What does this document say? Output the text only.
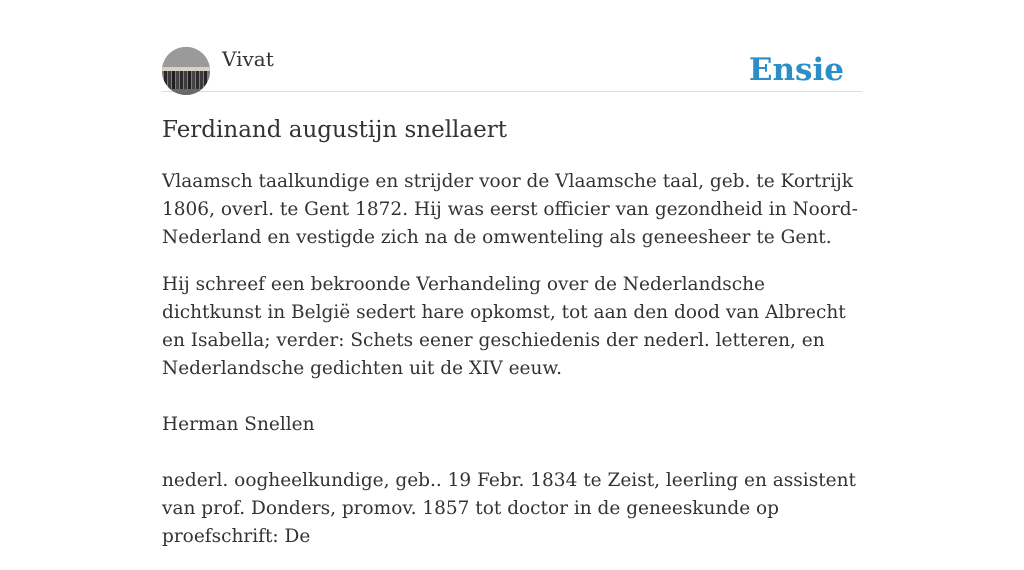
Vivat	Ensie
Ferdinand augustijn snellaert

Vlaamsch taalkundige en strijder voor de Vlaamsche taal, geb. te Kortrijk 1806, overl. te Gent 1872. Hij was eerst officier van gezondheid in Noord-Nederland en vestigde zich na de omwenteling als geneesheer te Gent.

Hij schreef een bekroonde Verhandeling over de Nederlandsche dichtkunst in België sedert hare opkomst, tot aan den dood van Albrecht en Isabella; verder: Schets eener geschiedenis der nederl. letteren, en Nederlandsche gedichten uit de XIV eeuw.

Herman Snellen

nederl. oogheelkundige, geb.. 19 Febr. 1834 te Zeist, leerling en assistent van prof. Donders, promov. 1857 tot doctor in de geneeskunde op proefschrift: De
